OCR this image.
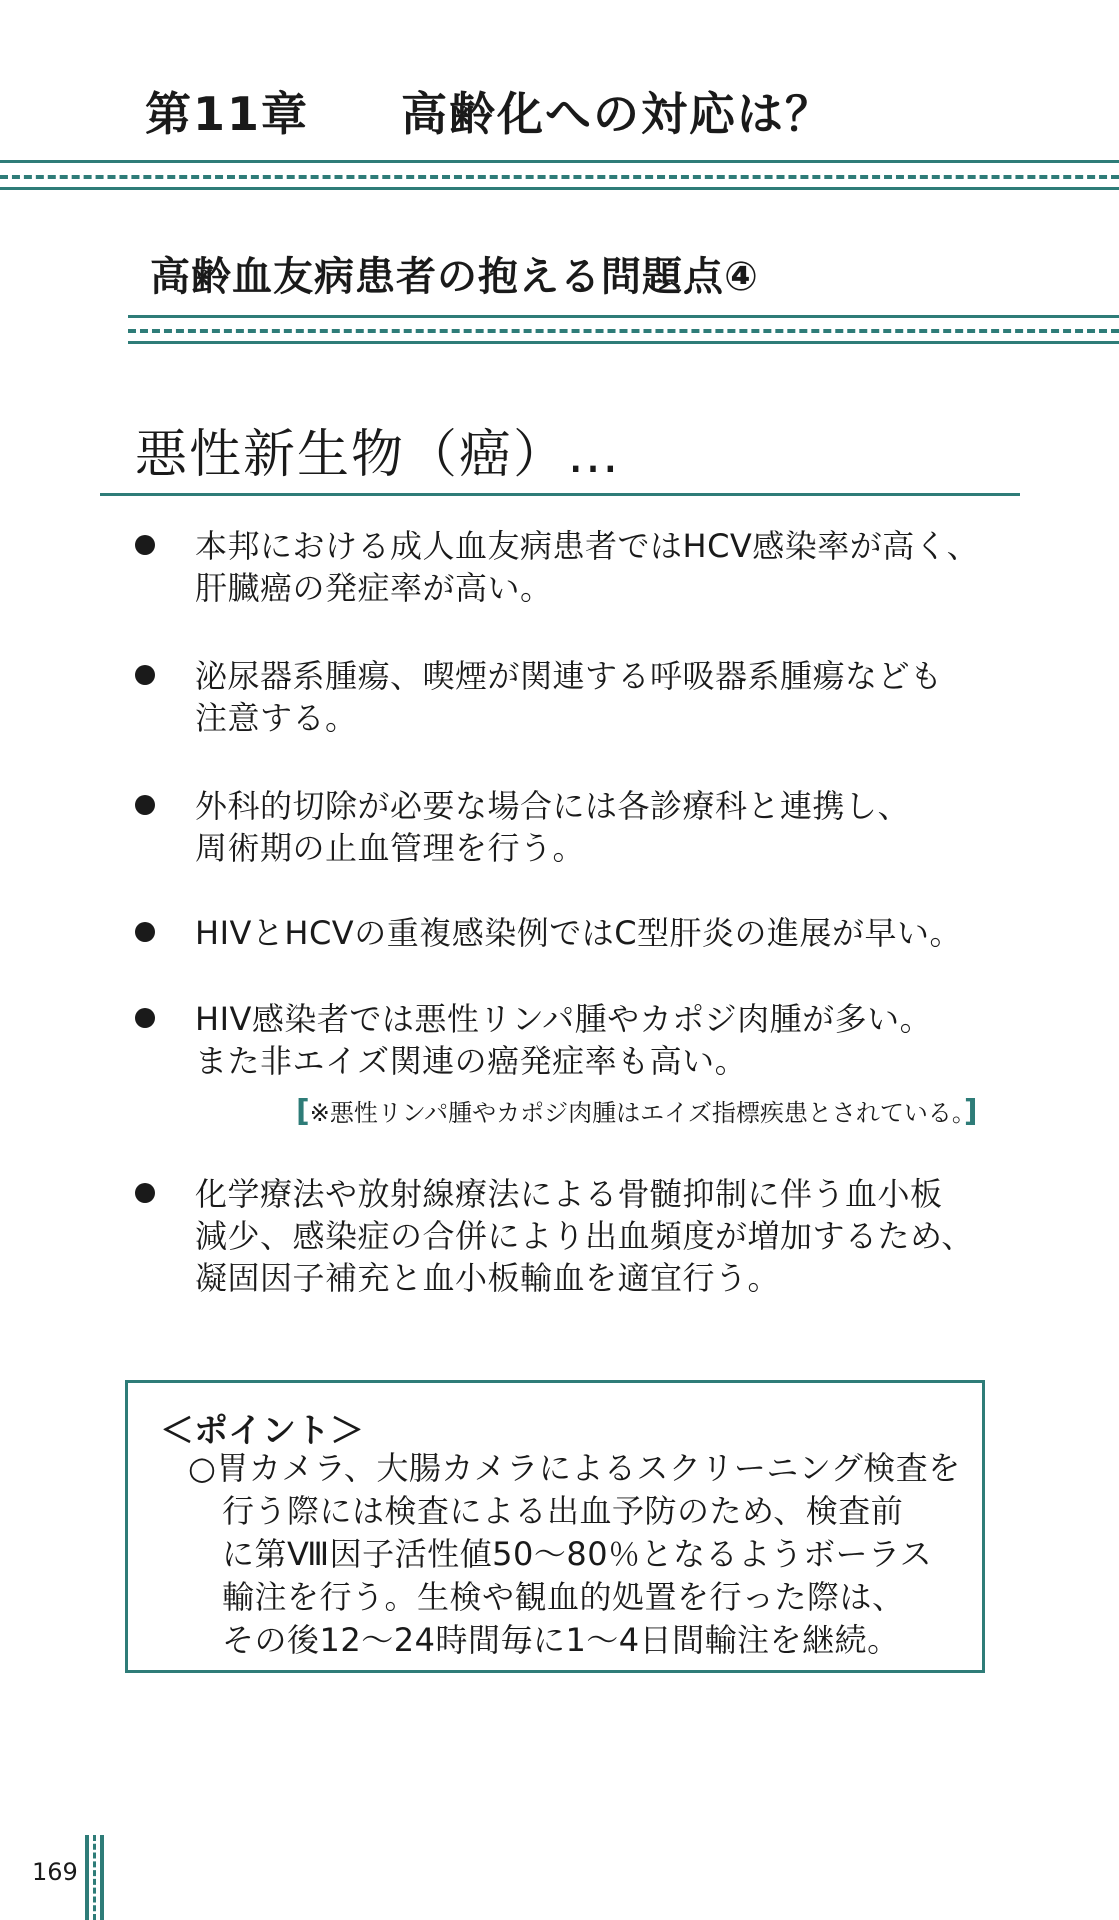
第11章 高齢化への対応は？
高齢血友病患者の抱える問題点④
悪性新生物（癌）…
本邦における成人血友病患者ではHCV感染率が高く、
肝臓癌の発症率が高い。
泌尿器系腫瘍、喫煙が関連する呼吸器系腫瘍なども
注意する。
外科的切除が必要な場合には各診療科と連携し、
周術期の止血管理を行う。
HIVとHCVの重複感染例ではC型肝炎の進展が早い。
HIV感染者では悪性リンパ腫やカポジ肉腫が多い。
また非エイズ関連の癌発症率も高い。
[※悪性リンパ腫やカポジ肉腫はエイズ指標疾患とされている。]
化学療法や放射線療法による骨髄抑制に伴う血小板
減少、感染症の合併により出血頻度が増加するため、
凝固因子補充と血小板輸血を適宜行う。
＜ポイント＞
○胃カメラ、大腸カメラによるスクリーニング検査を
行う際には検査による出血予防のため、検査前
に第Ⅷ因子活性値50～80％となるようボーラス
輸注を行う。生検や観血的処置を行った際は、
その後12～24時間毎に1～4日間輸注を継続。
169
